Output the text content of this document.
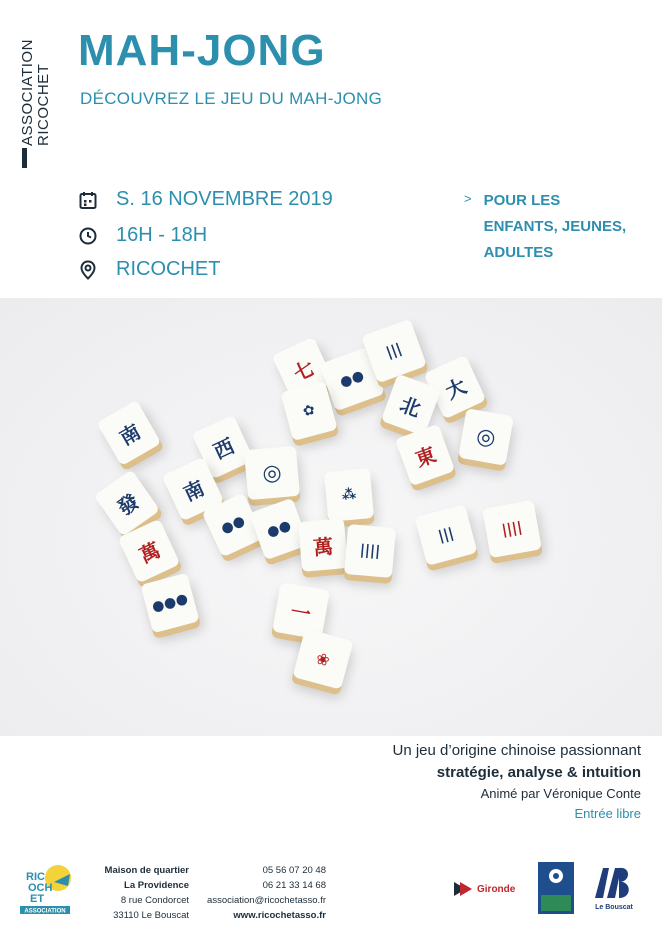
ASSOCIATION RICOCHET
MAH-JONG
DÉCOUVREZ LE JEU DU MAH-JONG
S. 16 NOVEMBRE 2019
16H - 18H
RICOCHET
> POUR LES
ENFANTS, JEUNES,
ADULTES
七 ●●
|||
大
✿	北
◎
東
南	西
◎
⁂
發 南
●● ●●
萬 ||||
|||	||||
萬
●●●	一
❀
Un jeu d’origine chinoise passionnant
stratégie, analyse & intuition
Animé par Véronique Conte
Entrée libre
RIC
OCH
ET
ASSOCIATION
Maison de quartier
La Providence
8 rue Condorcet
33110 Le Bouscat
05 56 07 20 48
06 21 33 14 68
association@ricochetasso.fr
www.ricochetasso.fr
Gironde
Le Bouscat
